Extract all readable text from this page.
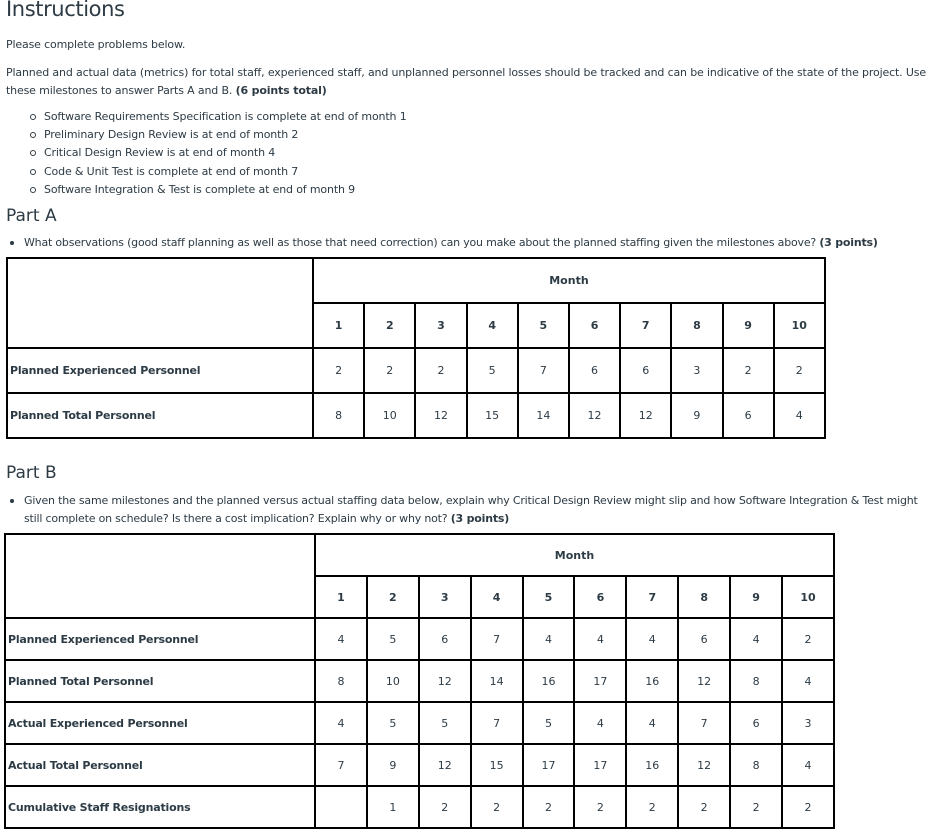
Instructions

Please complete problems below.

Planned and actual data (metrics) for total staff, experienced staff, and unplanned personnel losses should be tracked and can be indicative of the state of the project. Use these milestones to answer Parts A and B. (6 points total)

Software Requirements Specification is complete at end of month 1
Preliminary Design Review is at end of month 2
Critical Design Review is at end of month 4
Code & Unit Test is complete at end of month 7
Software Integration & Test is complete at end of month 9
Part A

What observations (good staff planning as well as those that need correction) can you make about the planned staffing given the milestones above? (3 points)

	Month									
	1	2	3	4	5	6	7	8	9	10
Planned Experienced Personnel	2	2	2	5	7	6	6	3	2	2
Planned Total Personnel	8	10	12	15	14	12	12	9	6	4
Part B

Given the same milestones and the planned versus actual staffing data below, explain why Critical Design Review might slip and how Software Integration & Test might still complete on schedule? Is there a cost implication? Explain why or why not? (3 points)

	Month									
	1	2	3	4	5	6	7	8	9	10
Planned Experienced Personnel	4	5	6	7	4	4	4	6	4	2
Planned Total Personnel	8	10	12	14	16	17	16	12	8	4
Actual Experienced Personnel	4	5	5	7	5	4	4	7	6	3
Actual Total Personnel	7	9	12	15	17	17	16	12	8	4
Cumulative Staff Resignations		1	2	2	2	2	2	2	2	2
